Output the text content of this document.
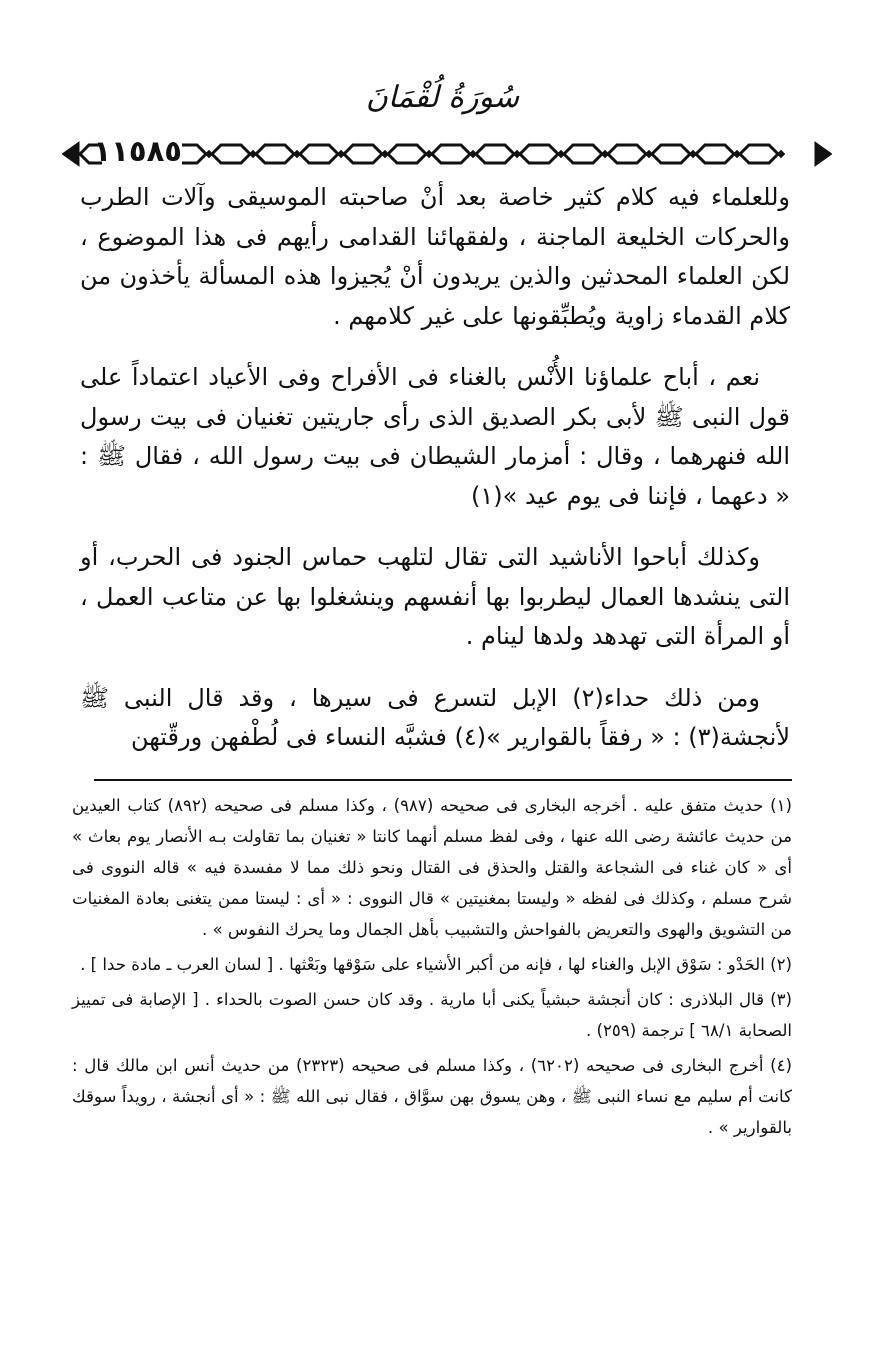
سُورَةُ لُقْمَانَ
١١٥٨٥

وللعلماء فيه كلام كثير خاصة بعد أنْ صاحبته الموسيقى وآلات الطرب والحركات الخليعة الماجنة ، ولفقهائنا القدامى رأيهم فى هذا الموضوع ، لكن العلماء المحدثين والذين يريدون أنْ يُجيزوا هذه المسألة يأخذون من كلام القدماء زاوية ويُطبِّقونها على غير كلامهم .

نعم ، أباح علماؤنا الأُنْس بالغناء فى الأفراح وفى الأعياد اعتماداً على قول النبى ﷺ لأبى بكر الصديق الذى رأى جاريتين تغنيان فى بيت رسول الله فنهرهما ، وقال : أمزمار الشيطان فى بيت رسول الله ، فقال ﷺ : « دعهما ، فإننا فى يوم عيد »(١)

وكذلك أباحوا الأناشيد التى تقال لتلهب حماس الجنود فى الحرب، أو التى ينشدها العمال ليطربوا بها أنفسهم وينشغلوا بها عن متاعب العمل ، أو المرأة التى تهدهد ولدها لينام .

ومن ذلك حداء(٢) الإبل لتسرع فى سيرها ، وقد قال النبى ﷺ لأنجشة(٣) : « رفقاً بالقوارير »(٤) فشبَّه النساء فى لُطْفهن ورقّتهن

(١) حديث متفق عليه . أخرجه البخارى فى صحيحه (٩٨٧) ، وكذا مسلم فى صحيحه (٨٩٢) كتاب العيدين من حديث عائشة رضى الله عنها ، وفى لفظ مسلم أنهما كانتا « تغنيان بما تقاولت بـه الأنصار يوم بعاث » أى « كان غناء فى الشجاعة والقتل والحذق فى القتال ونحو ذلك مما لا مفسدة فيه » قاله النووى فى شرح مسلم ، وكذلك فى لفظه « وليستا بمغنيتين » قال النووى : « أى : ليستا ممن يتغنى بعادة المغنيات من التشويق والهوى والتعريض بالفواحش والتشبيب بأهل الجمال وما يحرك النفوس » .

(٢) الحَدْو : سَوْق الإبل والغناء لها ، فإنه من أكبر الأشياء على سَوْقها وبَعْثها . [ لسان العرب ـ مادة حدا ] .

(٣) قال البلاذرى : كان أنجشة حبشياً يكنى أبا مارية . وقد كان حسن الصوت بالحداء . [ الإصابة فى تمييز الصحابة ٦٨/١ ] ترجمة (٢٥٩) .

(٤) أخرج البخارى فى صحيحه (٦٢٠٢) ، وكذا مسلم فى صحيحه (٢٣٢٣) من حديث أنس ابن مالك قال : كانت أم سليم مع نساء النبى ﷺ ، وهن يسوق بهن سوَّاق ، فقال نبى الله ﷺ : « أى أنجشة ، رويداً سوقك بالقوارير » .
